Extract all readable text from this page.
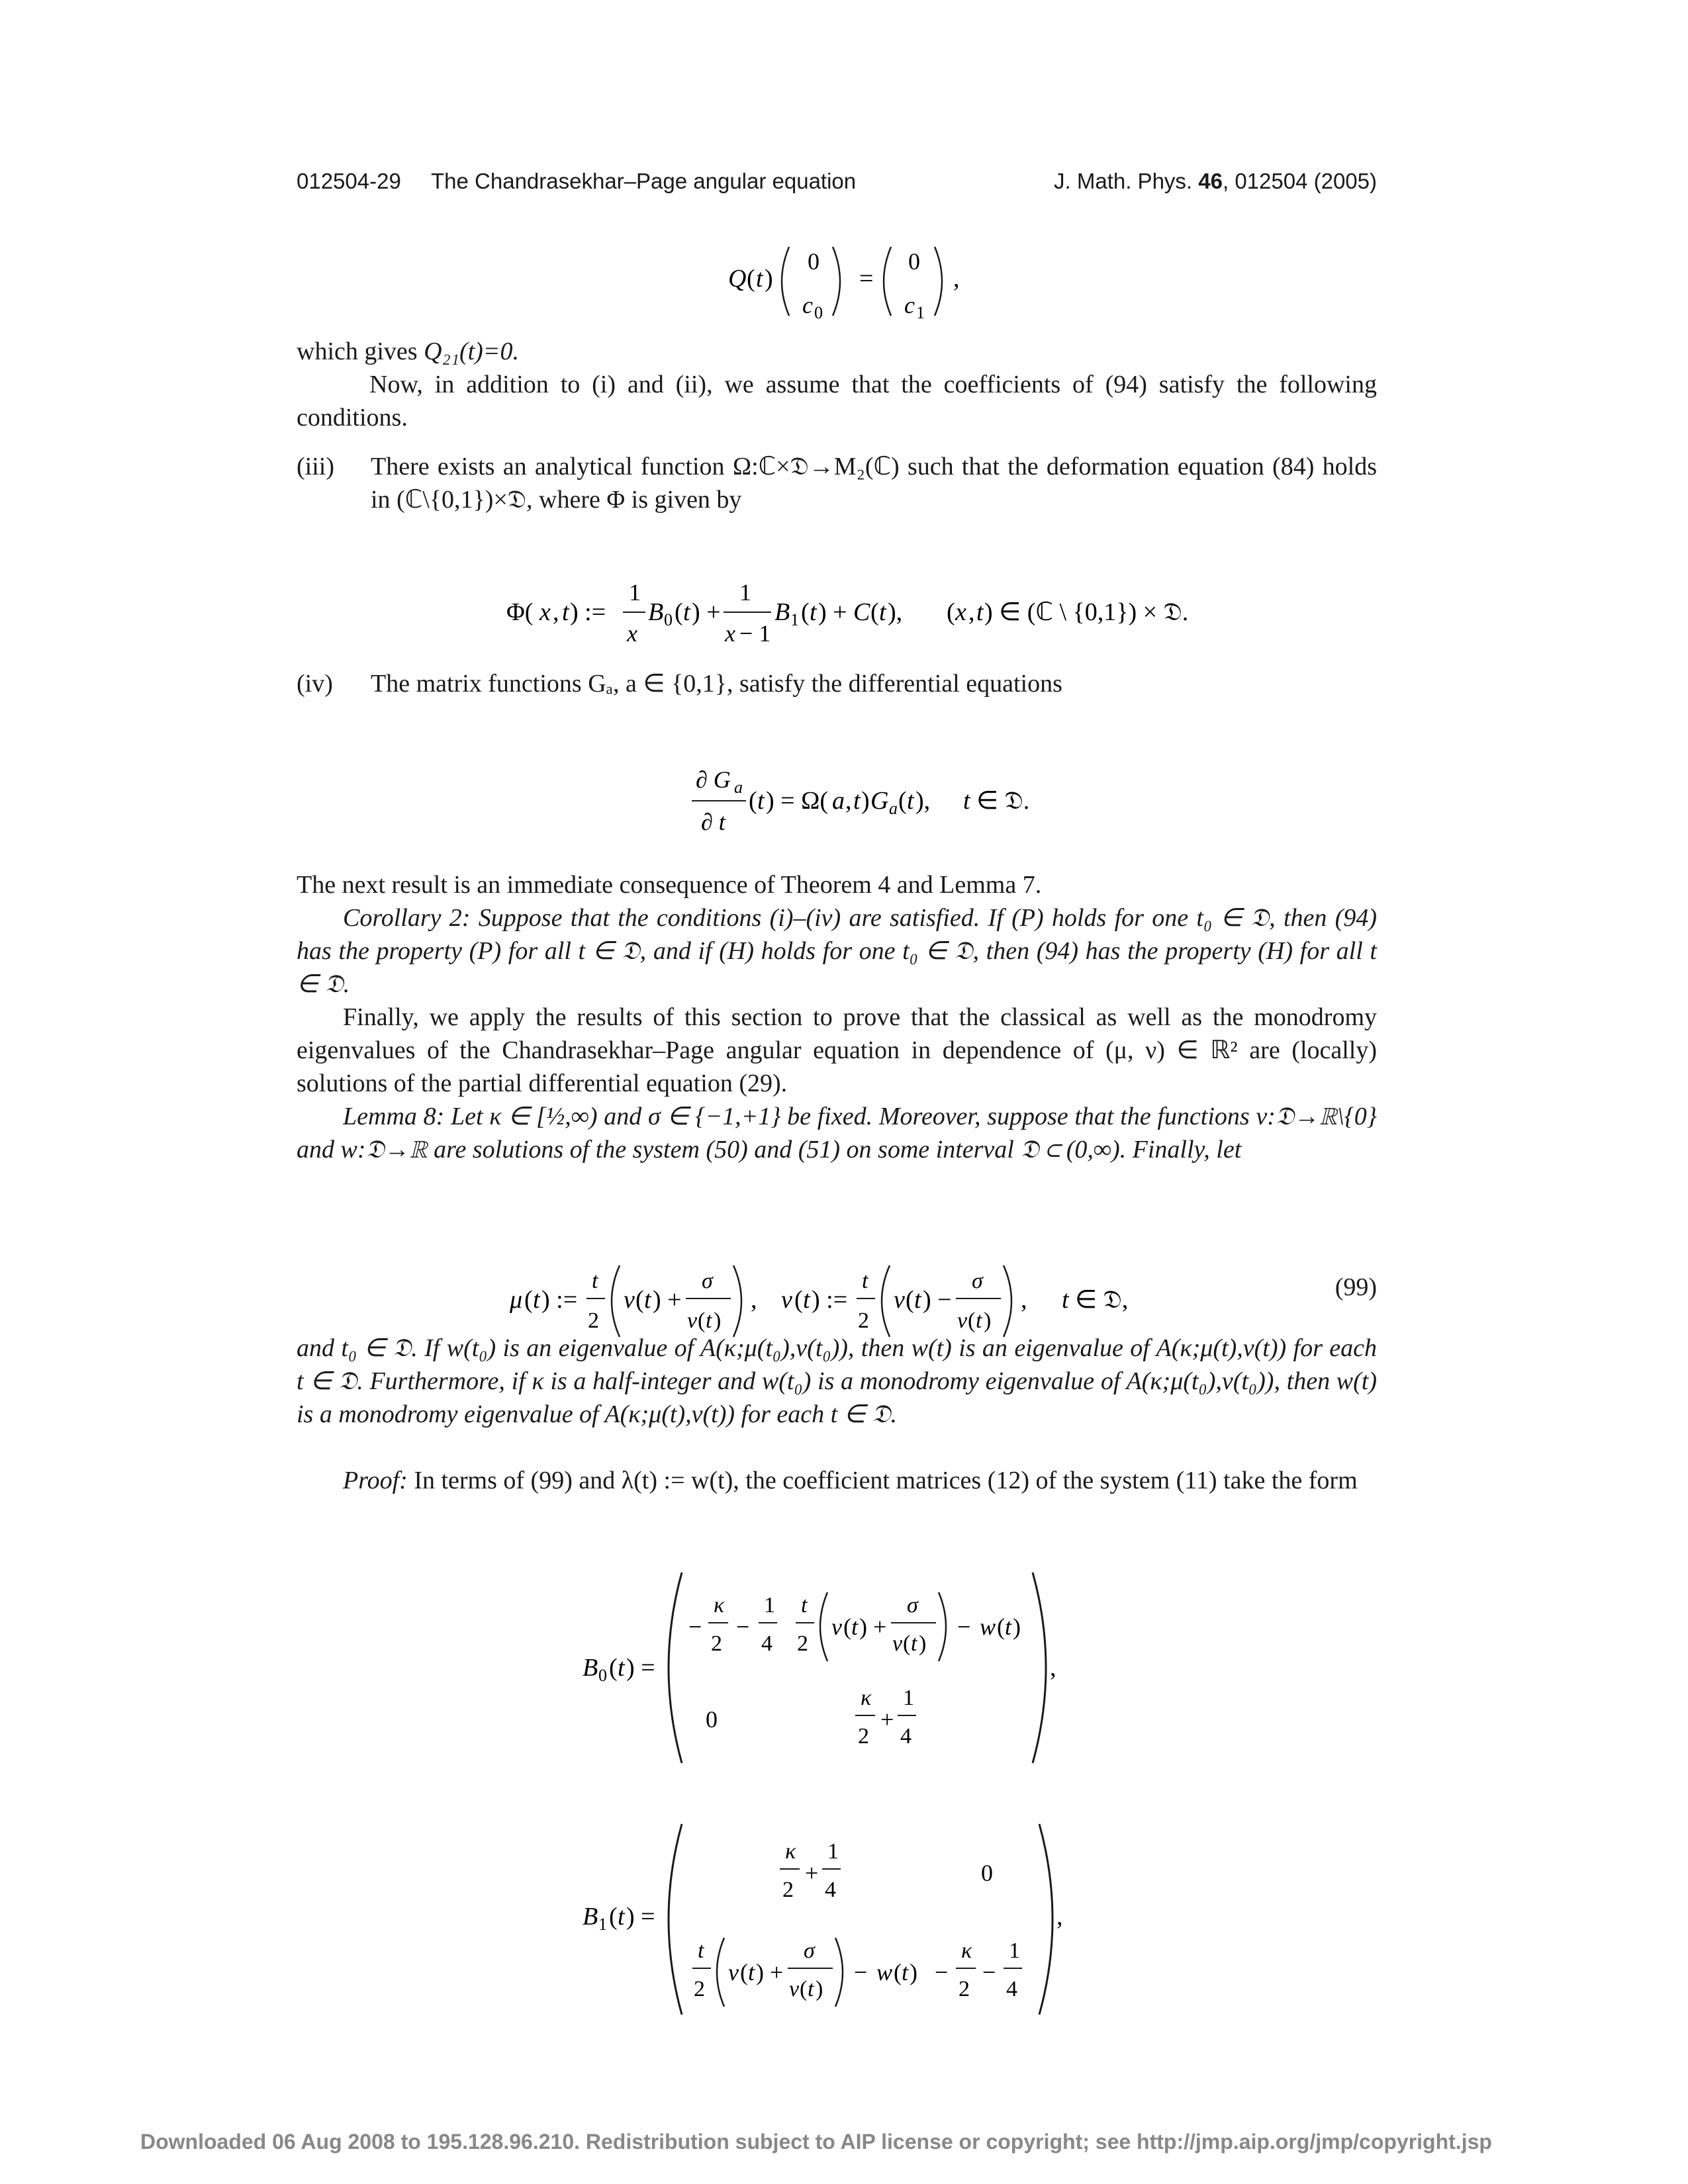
012504-29 The Chandrasekhar–Page angular equation	J. Math. Phys. 46, 012504 (2005)
Q ( t )
0
c 0
=
0
c 1
,
which gives Q₂₁(t)=0.
Now, in addition to (i) and (ii), we assume that the coefficients of (94) satisfy the following conditions.
(iii) There exists an analytical function Ω:ℂ×𝔇→M₂(ℂ) such that the deformation equation (84) holds in (ℂ\{0,1})×𝔇, where Φ is given by
Φ( x , t ) :=
1
x
B 0 ( t ) +
1
x − 1
B 1 ( t ) + C ( t ), ( x , t ) ∈ (ℂ \ {0,1}) × 𝔇.
(iv) The matrix functions Gₐ, a ∈ {0,1}, satisfy the differential equations
∂ G a
∂ t
( t ) = Ω( a , t ) G a ( t ), t ∈ 𝔇.
The next result is an immediate consequence of Theorem 4 and Lemma 7.
Corollary 2: Suppose that the conditions (i)–(iv) are satisfied. If (P) holds for one t₀ ∈ 𝔇, then (94) has the property (P) for all t ∈ 𝔇, and if (H) holds for one t₀ ∈ 𝔇, then (94) has the property (H) for all t ∈ 𝔇.
Finally, we apply the results of this section to prove that the classical as well as the monodromy eigenvalues of the Chandrasekhar–Page angular equation in dependence of (μ, ν) ∈ ℝ² are (locally) solutions of the partial differential equation (29).
Lemma 8: Let κ ∈ [½,∞) and σ ∈ {−1,+1} be fixed. Moreover, suppose that the functions v:𝔇→ℝ\{0} and w:𝔇→ℝ are solutions of the system (50) and (51) on some interval 𝔇 ⊂ (0,∞). Finally, let
μ ( t ) :=
t
2
v ( t ) +
σ
v ( t )
, ν ( t ) :=
t
2
v ( t ) −
σ
v ( t )
, t ∈ 𝔇,	(99)
and t₀ ∈ 𝔇. If w(t₀) is an eigenvalue of A(κ;μ(t₀),ν(t₀)), then w(t) is an eigenvalue of A(κ;μ(t),ν(t)) for each t ∈ 𝔇. Furthermore, if κ is a half-integer and w(t₀) is a monodromy eigenvalue of A(κ;μ(t₀),ν(t₀)), then w(t) is a monodromy eigenvalue of A(κ;μ(t),ν(t)) for each t ∈ 𝔇.
Proof: In terms of (99) and λ(t) := w(t), the coefficient matrices (12) of the system (11) take the form
B 0 ( t ) =
−
κ
2
−
1
4
t
2
v ( t ) +
σ
v ( t )
− w ( t )
0
κ
2
+
1
4
,
B 1 ( t ) =
κ
2
+
1
4
0
t
2
v ( t ) +
σ
v ( t )
− w ( t ) −
κ
2
−
1
4
,
Downloaded 06 Aug 2008 to 195.128.96.210. Redistribution subject to AIP license or copyright; see http://jmp.aip.org/jmp/copyright.jsp
